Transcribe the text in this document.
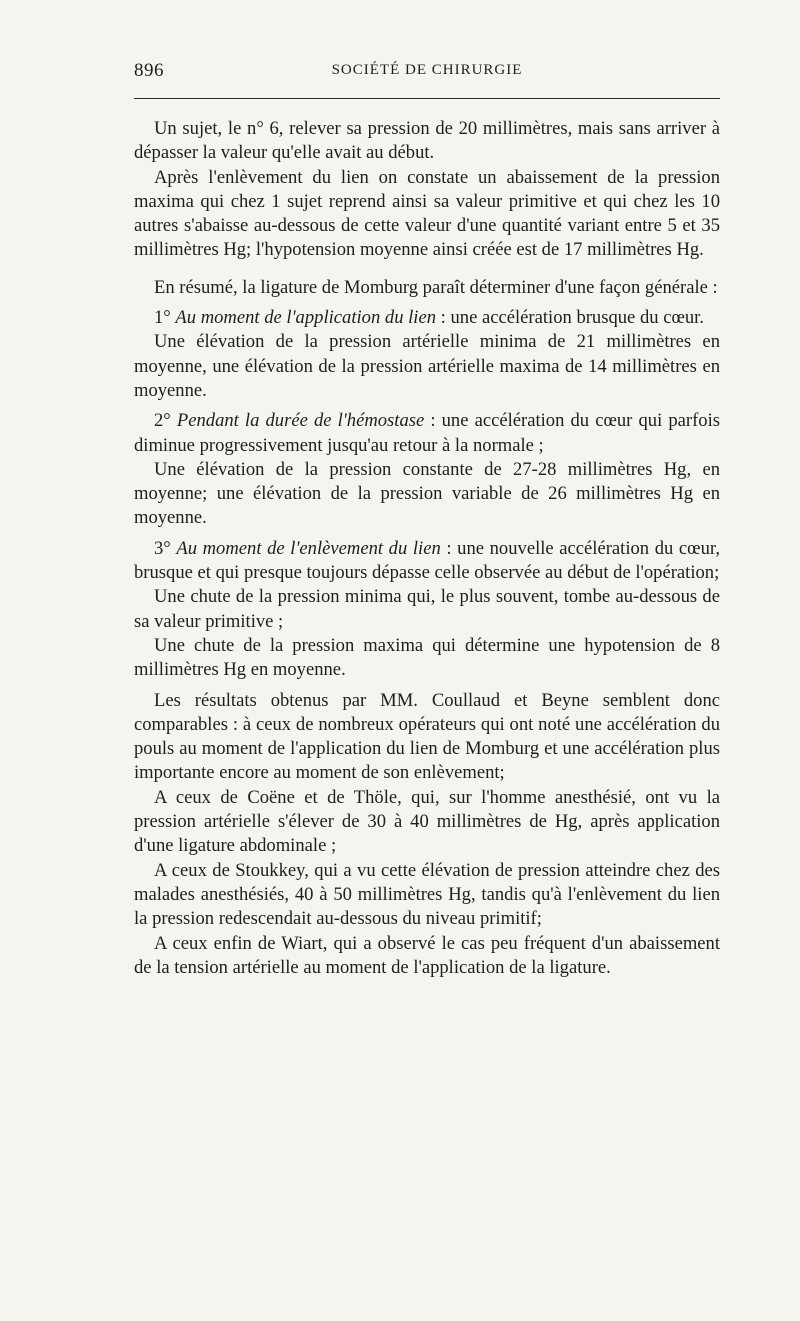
896	SOCIÉTÉ DE CHIRURGIE

Un sujet, le n° 6, relever sa pression de 20 millimètres, mais sans arriver à dépasser la valeur qu'elle avait au début.

Après l'enlèvement du lien on constate un abaissement de la pression maxima qui chez 1 sujet reprend ainsi sa valeur primitive et qui chez les 10 autres s'abaisse au-dessous de cette valeur d'une quantité variant entre 5 et 35 millimètres Hg; l'hypotension moyenne ainsi créée est de 17 millimètres Hg.

En résumé, la ligature de Momburg paraît déterminer d'une façon générale :

1° Au moment de l'application du lien : une accélération brusque du cœur.

Une élévation de la pression artérielle minima de 21 millimètres en moyenne, une élévation de la pression artérielle maxima de 14 millimètres en moyenne.

2° Pendant la durée de l'hémostase : une accélération du cœur qui parfois diminue progressivement jusqu'au retour à la normale ;

Une élévation de la pression constante de 27-28 millimètres Hg, en moyenne; une élévation de la pression variable de 26 millimètres Hg en moyenne.

3° Au moment de l'enlèvement du lien : une nouvelle accélération du cœur, brusque et qui presque toujours dépasse celle observée au début de l'opération;

Une chute de la pression minima qui, le plus souvent, tombe au-dessous de sa valeur primitive ;

Une chute de la pression maxima qui détermine une hypotension de 8 millimètres Hg en moyenne.

Les résultats obtenus par MM. Coullaud et Beyne semblent donc comparables : à ceux de nombreux opérateurs qui ont noté une accélération du pouls au moment de l'application du lien de Momburg et une accélération plus importante encore au moment de son enlèvement;

A ceux de Coëne et de Thöle, qui, sur l'homme anesthésié, ont vu la pression artérielle s'élever de 30 à 40 millimètres de Hg, après application d'une ligature abdominale ;

A ceux de Stoukkey, qui a vu cette élévation de pression atteindre chez des malades anesthésiés, 40 à 50 millimètres Hg, tandis qu'à l'enlèvement du lien la pression redescendait au-dessous du niveau primitif;

A ceux enfin de Wiart, qui a observé le cas peu fréquent d'un abaissement de la tension artérielle au moment de l'application de la ligature.
